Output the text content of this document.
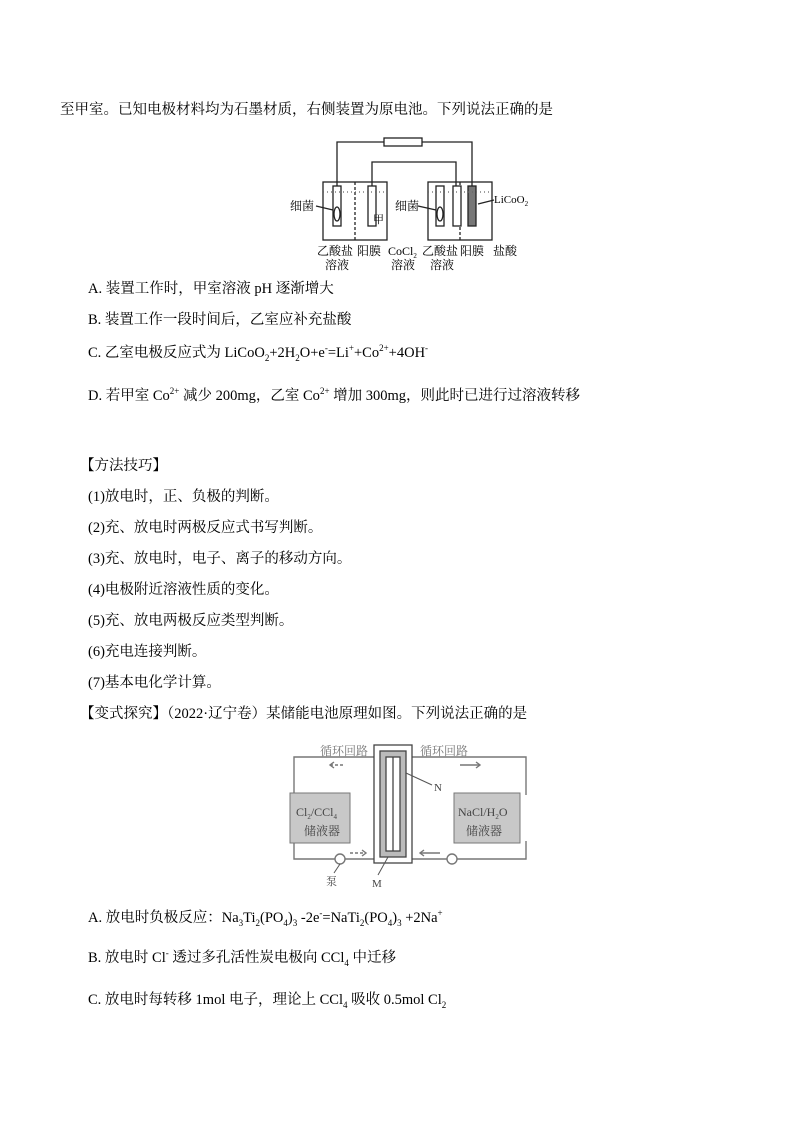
至甲室。已知电极材料均为石墨材质，右侧装置为原电池。下列说法正确的是
细菌	细菌
甲
LiCoO$_2$
乙酸盐
溶液
阳膜 CoCl$_2$
溶液
乙酸盐
溶液
阳膜 盐酸
A. 装置工作时，甲室溶液 pH 逐渐增大
B. 装置工作一段时间后，乙室应补充盐酸
C. 乙室电极反应式为 $LiCoO_2+2H_2O+e^-=Li^++Co^{2+}+4OH^-$
D. 若甲室 $Co^{2+}$ 减少 200mg，乙室 $Co^{2+}$ 增加 300mg，则此时已进行过溶液转移
【方法技巧】
(1)放电时，正、负极的判断。
(2)充、放电时两极反应式书写判断。
(3)充、放电时，电子、离子的移动方向。
(4)电极附近溶液性质的变化。
(5)充、放电两极反应类型判断。
(6)充电连接判断。
(7)基本电化学计算。
【变式探究】（2022·辽宁卷）某储能电池原理如图。下列说法正确的是
循环回路	循环回路
N
M
泵
$Cl_2/CCl_4$
储液器
NaCl/$H_2O$
储液器
A. 放电时负极反应：$Na_3Ti_2(PO_4)_3$ $-2e^-=NaTi_2(PO_4)_3 +2Na^+$
B. 放电时 Cl- 透过多孔活性炭电极向 CCl$_4$ 中迁移
C. 放电时每转移 1mol 电子，理论上 CCl$_4$ 吸收 0.5mol $Cl_2$
